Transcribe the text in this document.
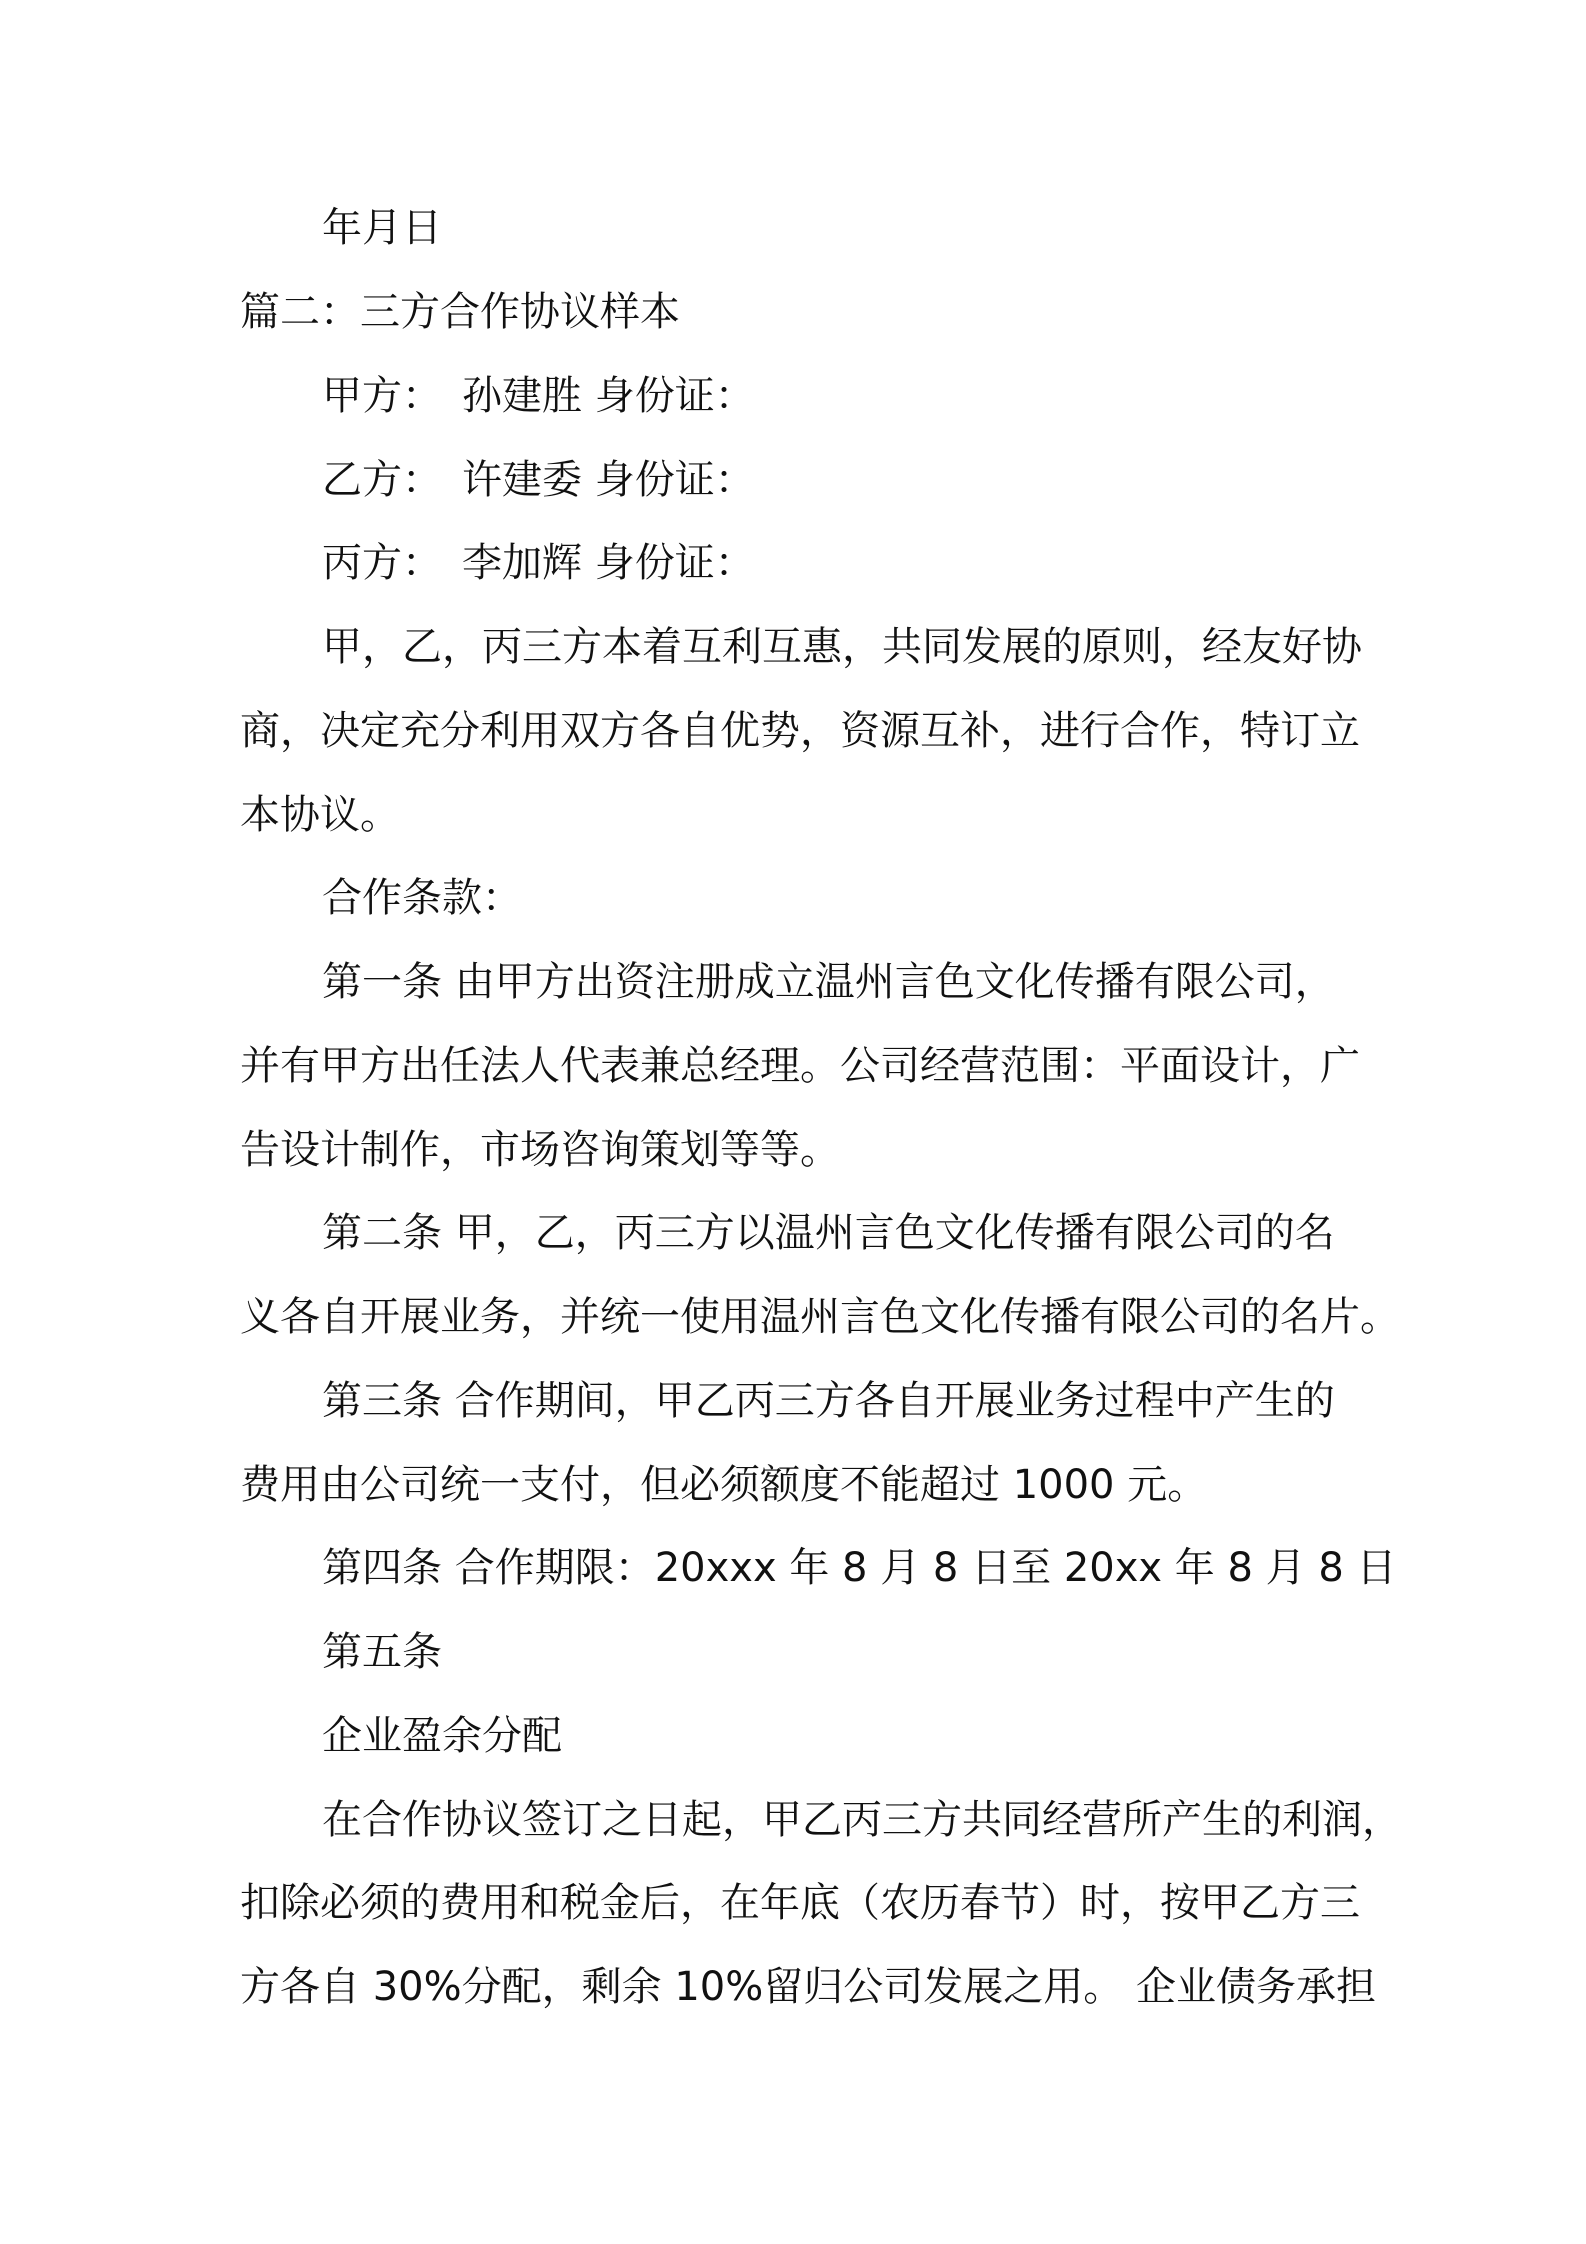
年月日
篇二：三方合作协议样本
甲方：　孙建胜 身份证：
乙方：　许建委 身份证：
丙方：　李加辉 身份证：
甲，乙，丙三方本着互利互惠，共同发展的原则，经友好协
商，决定充分利用双方各自优势，资源互补，进行合作，特订立
本协议。
合作条款：
第一条 由甲方出资注册成立温州言色文化传播有限公司，
并有甲方出任法人代表兼总经理。公司经营范围：平面设计，广
告设计制作，市场咨询策划等等。
第二条 甲，乙，丙三方以温州言色文化传播有限公司的名
义各自开展业务，并统一使用温州言色文化传播有限公司的名片。
第三条 合作期间，甲乙丙三方各自开展业务过程中产生的
费用由公司统一支付，但必须额度不能超过 1000 元。
第四条 合作期限：20xxx 年 8 月 8 日至 20xx 年 8 月 8 日
第五条
企业盈余分配
在合作协议签订之日起，甲乙丙三方共同经营所产生的利润，
扣除必须的费用和税金后，在年底（农历春节）时，按甲乙方三
方各自 30%分配，剩余 10%留归公司发展之用。 企业债务承担
